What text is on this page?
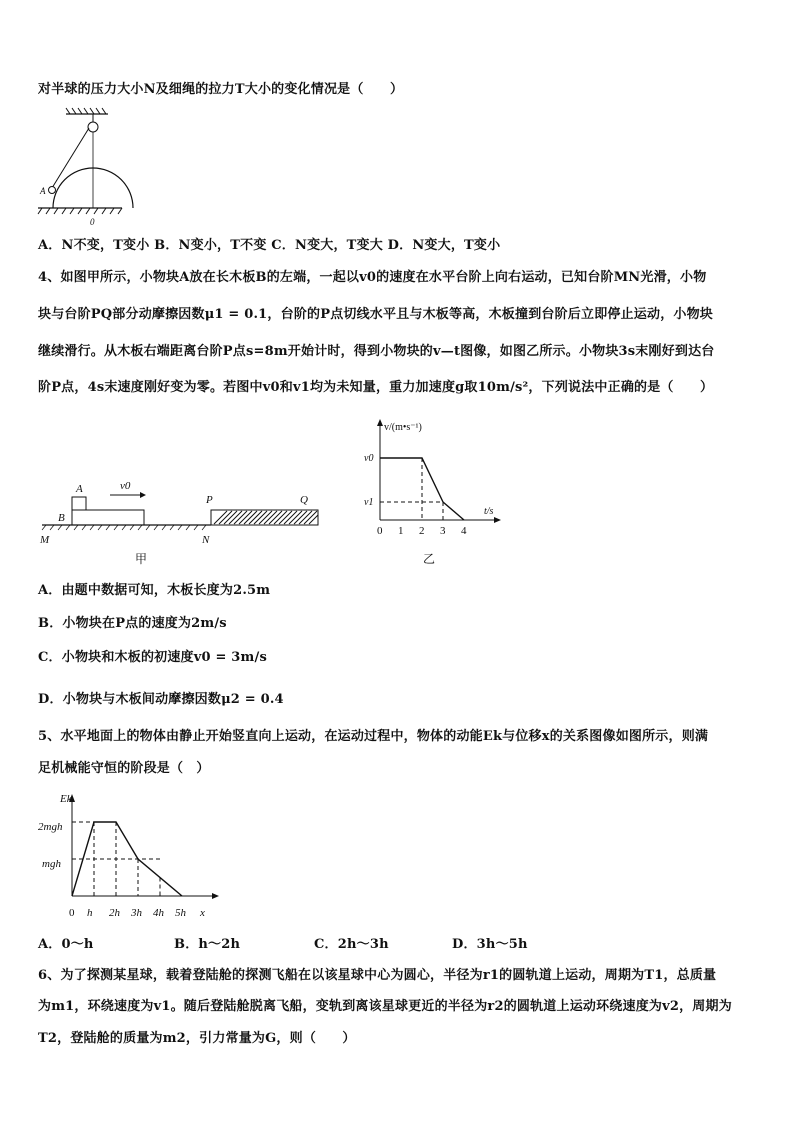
对半球的压力大小N及细绳的拉力T大小的变化情况是（　　）
A
0
A．N不变，T变小 B．N变小，T不变 C．N变大，T变大 D．N变大，T变小
4、如图甲所示，小物块A放在长木板B的左端，一起以v0的速度在水平台阶上向右运动，已知台阶MN光滑，小物
块与台阶PQ部分动摩擦因数μ1 = 0.1，台阶的P点切线水平且与木板等高，木板撞到台阶后立即停止运动，小物块
继续滑行。从木板右端距离台阶P点s=8m开始计时，得到小物块的v—t图像，如图乙所示。小物块3s末刚好到达台
阶P点，4s末速度刚好变为零。若图中v0和v1均为未知量，重力加速度g取10m/s²，下列说法中正确的是（　　）
A
B
v0
P	Q
M	N
甲
v/(m•s⁻¹)
t/s
v0
v1
0 1 2 3 4
乙
A．由题中数据可知，木板长度为2.5m
B．小物块在P点的速度为2m/s
C．小物块和木板的初速度v0 = 3m/s
D．小物块与木板间动摩擦因数μ2 = 0.4
5、水平地面上的物体由静止开始竖直向上运动，在运动过程中，物体的动能Ek与位移x的关系图像如图所示，则满
足机械能守恒的阶段是（　）
Ek
2mgh
mgh
x
0 h 2h 3h 4h 5h
A．0～h	B．h～2h	C．2h～3h	D．3h～5h
6、为了探测某星球，载着登陆舱的探测飞船在以该星球中心为圆心，半径为r1的圆轨道上运动，周期为T1，总质量
为m1，环绕速度为v1。随后登陆舱脱离飞船，变轨到离该星球更近的半径为r2的圆轨道上运动环绕速度为v2，周期为
T2，登陆舱的质量为m2，引力常量为G，则（　　）
